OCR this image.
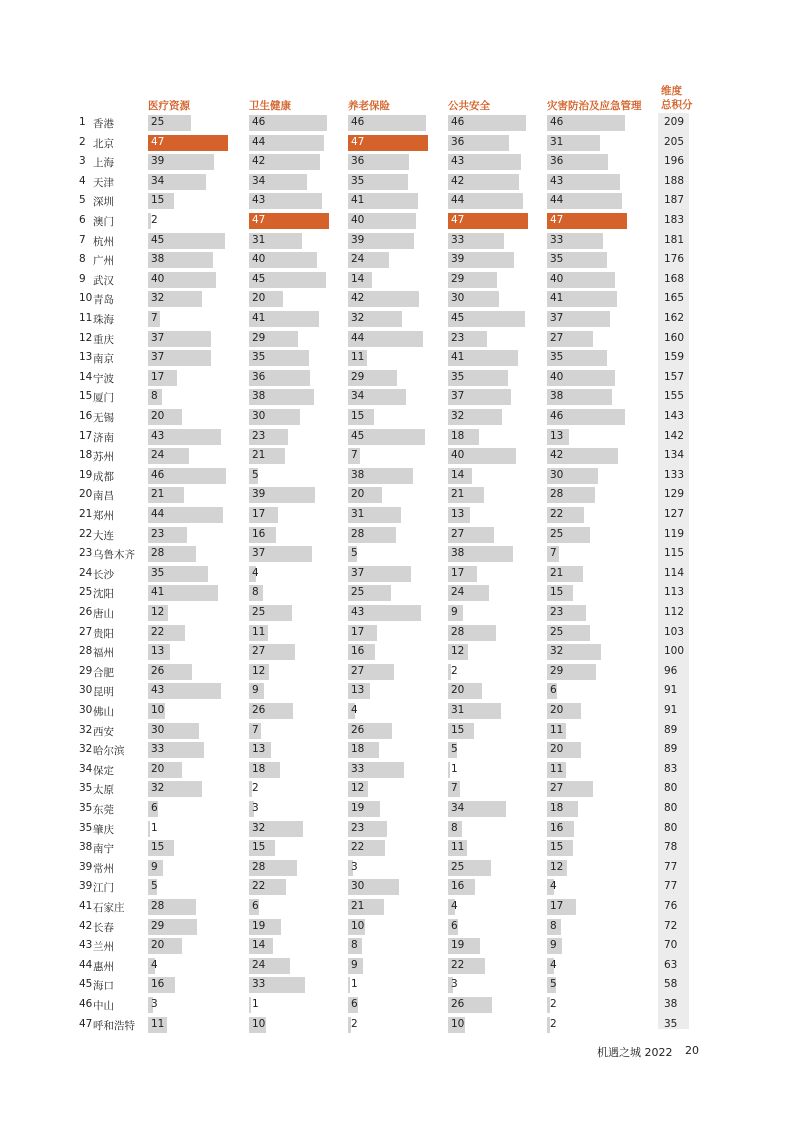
医疗资源	卫生健康	养老保险	公共安全	灾害防治及应急管理
维度
总积分
1 香港	25	46	46	46	46	209
2 北京	47	44	47	36	31	205
3 上海	39	42	36	43	36	196
4 天津	34	34	35	42	43	188
5 深圳	15	43	41	44	44	187
6 澳门	2	47	40	47	47	183
7 杭州	45	31	39	33	33	181
8 广州	38	40	24	39	35	176
9 武汉	40	45	14	29	40	168
10 青岛	32	20	42	30	41	165
11 珠海	7	41	32	45	37	162
12 重庆	37	29	44	23	27	160
13 南京	37	35	11	41	35	159
14 宁波	17	36	29	35	40	157
15 厦门	8	38	34	37	38	155
16 无锡	20	30	15	32	46	143
17 济南	43	23	45	18	13	142
18 苏州	24	21	7	40	42	134
19 成都	46	5	38	14	30	133
20 南昌	21	39	20	21	28	129
21 郑州	44	17	31	13	22	127
22 大连	23	16	28	27	25	119
23 乌鲁木齐 28	37	5	38	7	115
24 长沙	35	4	37	17	21	114
25 沈阳	41	8	25	24	15	113
26 唐山	12	25	43	9	23	112
27 贵阳	22	11	17	28	25	103
28 福州	13	27	16	12	32	100
29 合肥	26	12	27	2	29	96
30 昆明	43	9	13	20	6	91
30 佛山	10	26	4	31	20	91
32 西安	30	7	26	15	11	89
32 哈尔滨	33	13	18	5	20	89
34 保定	20	18	33	1	11	83
35 太原	32	2	12	7	27	80
35 东莞	6	3	19	34	18	80
35 肇庆	1	32	23	8	16	80
38 南宁	15	15	22	11	15	78
39 常州	9	28	3	25	12	77
39 江门	5	22	30	16	4	77
41 石家庄	28	6	21	4	17	76
42 长春	29	19	10	6	8	72
43 兰州	20	14	8	19	9	70
44 惠州	4	24	9	22	4	63
45 海口	16	33	1	3	5	58
46 中山	3	1	6	26	2	38
47 呼和浩特 11	10	2	10	2	35
机遇之城 2022 20
